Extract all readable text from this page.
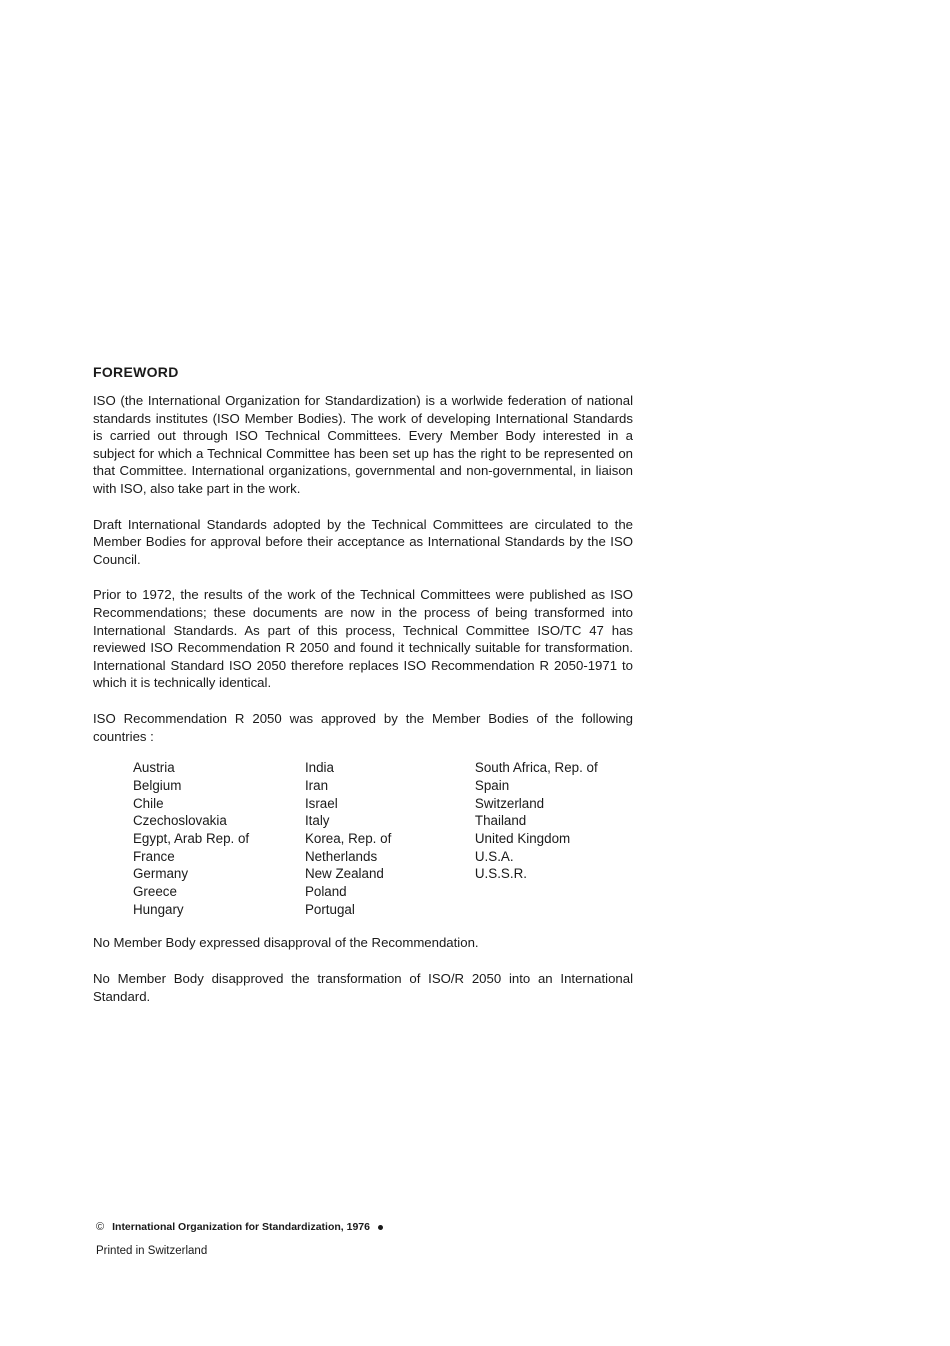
FOREWORD

ISO (the International Organization for Standardization) is a worlwide federation of national standards institutes (ISO Member Bodies). The work of developing International Standards is carried out through ISO Technical Committees. Every Member Body interested in a subject for which a Technical Committee has been set up has the right to be represented on that Committee. International organizations, governmental and non-governmental, in liaison with ISO, also take part in the work.

Draft International Standards adopted by the Technical Committees are circulated to the Member Bodies for approval before their acceptance as International Standards by the ISO Council.

Prior to 1972, the results of the work of the Technical Committees were published as ISO Recommendations; these documents are now in the process of being transformed into International Standards. As part of this process, Technical Committee ISO/TC 47 has reviewed ISO Recommendation R 2050 and found it technically suitable for transformation. International Standard ISO 2050 therefore replaces ISO Recommendation R 2050-1971 to which it is technically identical.

ISO Recommendation R 2050 was approved by the Member Bodies of the following countries :

Austria
Belgium
Chile
Czechoslovakia
Egypt, Arab Rep. of
France
Germany
Greece
Hungary
India
Iran
Israel
Italy
Korea, Rep. of
Netherlands
New Zealand
Poland
Portugal
South Africa, Rep. of
Spain
Switzerland
Thailand
United Kingdom
U.S.A.
U.S.S.R.

No Member Body expressed disapproval of the Recommendation.

No Member Body disapproved the transformation of ISO/R 2050 into an International Standard.

© International Organization for Standardization, 1976
Printed in Switzerland
